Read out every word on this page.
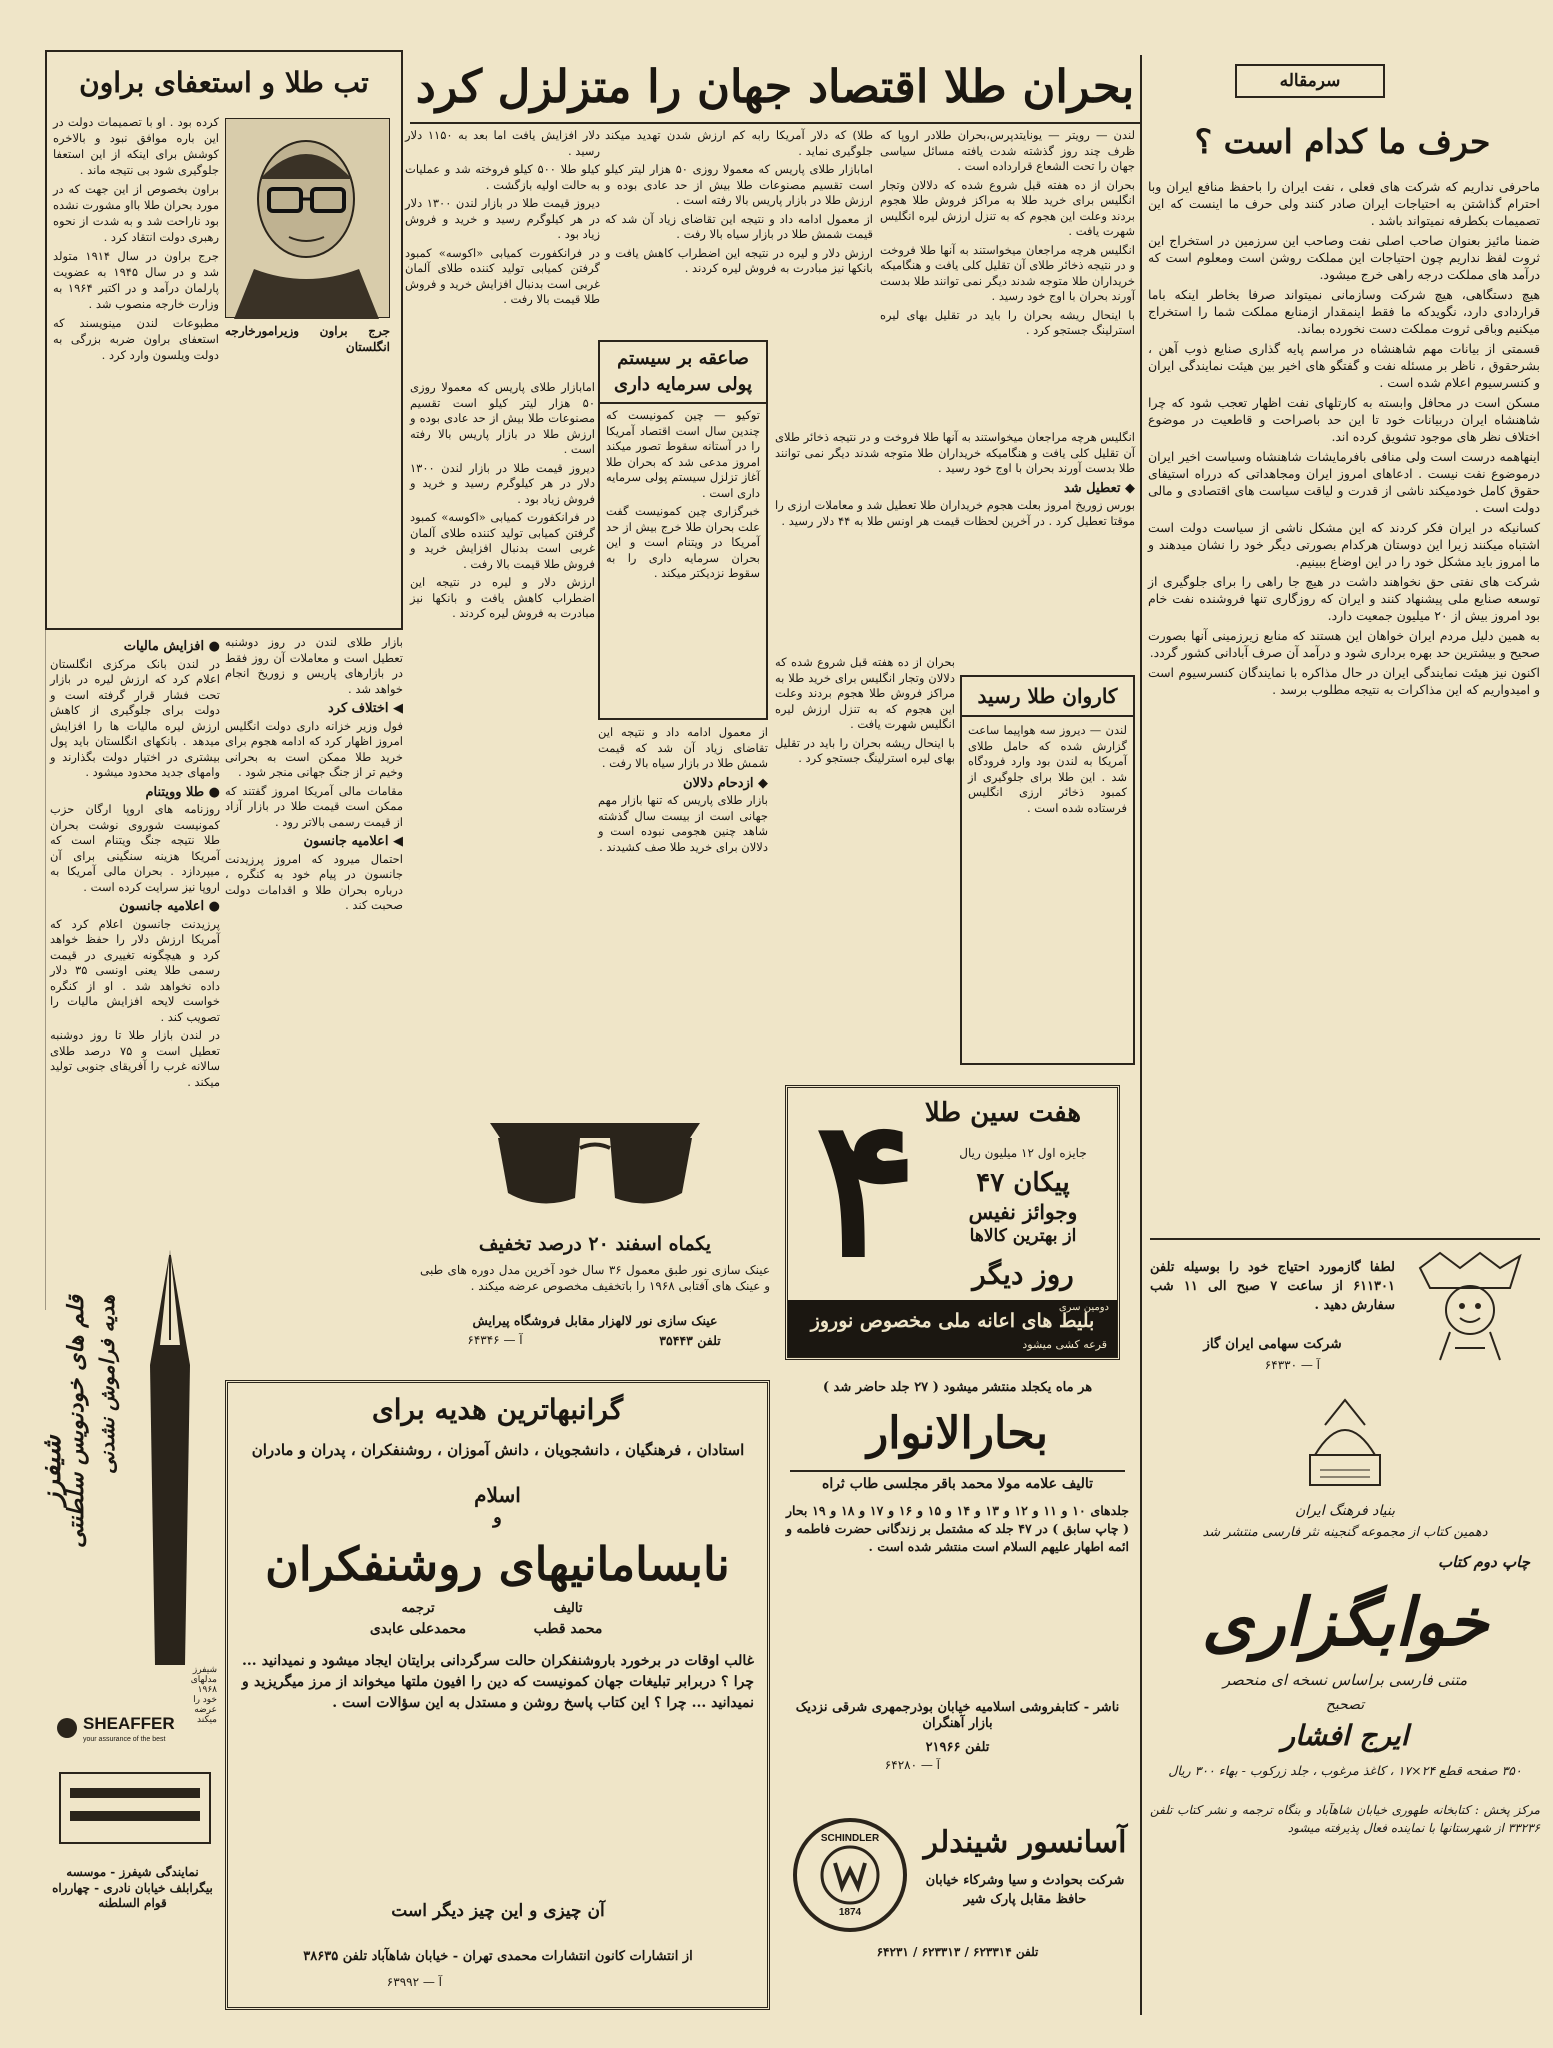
سرمقاله
حرف ما کدام است ؟

ماحرفی نداریم که شرکت های فعلی ، نفت ایران را باحفظ منافع ایران وبا احترام گذاشتن به احتیاجات ایران صادر کنند ولی حرف ما اینست که این تصمیمات بکطرفه نمیتواند باشد .

ضمنا مائیز بعنوان صاحب اصلی نفت وصاحب این سرزمین در استخراج این ثروت لفظ نداریم چون احتیاجات این مملکت روشن است ومعلوم است که درآمد های مملکت درجه راهی خرج میشود.

هیچ دستگاهی، هیچ شرکت وسازمانی نمیتواند صرفا بخاطر اینکه باما قراردادی دارد، نگویدکه ما فقط اینمقدار ازمنابع مملکت شما را استخراج میکنیم وباقی ثروت مملکت دست نخورده بماند.

قسمتی از بیانات مهم شاهنشاه در مراسم پایه گذاری صنایع ذوب آهن ، بشرحقوق ، ناظر بر مسئله نفت و گفتگو های اخیر بین هیئت نمایندگی ایران و کنسرسیوم اعلام شده است .

مسکن است در محافل وابسته به کارتلهای نفت اظهار تعجب شود که چرا شاهنشاه ایران دربیانات خود تا این حد باصراحت و قاطعیت در موضوع اختلاف نظر های موجود تشویق کرده اند.

اینهاهمه درست است ولی منافی بافرمایشات شاهنشاه وسیاست اخیر ایران درموضوع نفت نیست . ادعاهای امروز ایران ومجاهداتی که درراه استیفای حقوق کامل خودمیکند ناشی از قدرت و لیاقت سیاست های اقتصادی و مالی دولت است .

کسانیکه در ایران فکر کردند که این مشکل ناشی از سیاست دولت است اشتباه میکنند زیرا این دوستان هرکدام بصورتی دیگر خود را نشان میدهند و ما امروز باید مشکل خود را در این اوضاع ببینیم.

شرکت های نفتی حق نخواهند داشت در هیچ جا راهی را برای جلوگیری از توسعه صنایع ملی پیشنهاد کنند و ایران که روزگاری تنها فروشنده نفت خام بود امروز بیش از ۲۰ میلیون جمعیت دارد.

به همین دلیل مردم ایران خواهان این هستند که منابع زیرزمینی آنها بصورت صحیح و بیشترین حد بهره برداری شود و درآمد آن صرف آبادانی کشور گردد.

اکنون نیز هیئت نمایندگی ایران در حال مذاکره با نمایندگان کنسرسیوم است و امیدواریم که این مذاکرات به نتیجه مطلوب برسد .

لطفا گازمورد احتیاج خود را بوسیله تلفن ۶۱۱۳۰۱ از ساعت ۷ صبح الی ۱۱ شب سفارش دهید .
شرکت سهامی ایران گاز
آ — ۶۴۳۳۰
بنیاد فرهنگ ایران
دهمین کتاب از مجموعه گنجینه نثر فارسی منتشر شد
چاپ دوم کتاب
خوابگزاری
متنی فارسی براساس نسخه ای منحصر
تصحیح
ایرج افشار
۳۵۰ صفحه قطع ۲۴×۱۷ ، کاغذ مرغوب ، جلد زرکوب - بهاء ۳۰۰ ریال
مرکز پخش : کتابخانه طهوری خیابان شاهآباد و بنگاه ترجمه و نشر کتاب تلفن ۳۳۲۳۶ از شهرستانها با نماینده فعال پذیرفته میشود
بحران طلا اقتصاد جهان را متزلزل کرد

لندن — رویتر — یونایتدپرس،بحران طلادر اروپا که ظرف چند روز گذشته شدت یافته مسائل سیاسی جهان را تحت الشعاع قرارداده است .

بحران از ده هفته قبل شروع شده که دلالان وتجار انگلیس برای خرید طلا به مراکز فروش طلا هجوم بردند وعلت این هجوم که به تنزل ارزش لیره انگلیس شهرت یافت .

انگلیس هرچه مراجعان میخواستند به آنها طلا فروخت و در نتیجه ذخائر طلای آن تقلیل کلی یافت و هنگامیکه خریداران طلا متوجه شدند دیگر نمی توانند طلا بدست آورند بحران با اوج خود رسید .

با اینحال ریشه بحران را باید در تقلیل بهای لیره استرلینگ جستجو کرد .

طلا) که دلار آمریکا رابه کم ارزش شدن تهدید میکند جلوگیری نماید .

امابازار طلای پاریس که معمولا روزی ۵۰ هزار لیتر کیلو است تقسیم مصنوعات طلا بیش از حد عادی بوده و ارزش طلا در بازار پاریس بالا رفته است .

از معمول ادامه داد و نتیجه این تقاضای زیاد آن شد که قیمت شمش طلا در بازار سیاه بالا رفت .

ارزش دلار و لیره در نتیجه این اضطراب کاهش یافت و بانکها نیز مبادرت به فروش لیره کردند .

دلار افزایش یافت اما بعد به ۱۱۵۰ دلار رسید .

کیلو طلا ۵۰۰ کیلو فروخته شد و عملیات به حالت اولیه بازگشت .

دیروز قیمت طلا در بازار لندن ۱۳۰۰ دلار در هر کیلوگرم رسید و خرید و فروش زیاد بود .

در فرانکفورت کمیابی «اکوسه» کمبود گرفتن کمیابی تولید کننده طلای آلمان غربی است بدنبال افزایش خرید و فروش طلا قیمت بالا رفت .

تب طلا و استعفای براون

کرده بود . او با تصمیمات دولت در این باره موافق نبود و بالاخره کوشش برای اینکه از این استعفا جلوگیری شود بی نتیجه ماند .

براون بخصوص از این جهت که در مورد بحران طلا بااو مشورت نشده بود ناراحت شد و به شدت از نحوه رهبری دولت انتقاد کرد .

جرج براون در سال ۱۹۱۴ متولد شد و در سال ۱۹۴۵ به عضویت پارلمان درآمد و در اکتبر ۱۹۶۴ به وزارت خارجه منصوب شد .

مطبوعات لندن مینویسند که استعفای براون ضربه بزرگی به دولت ویلسون وارد کرد .

جرج براون وزیرامورخارجه انگلستان
● افزایش مالیات

در لندن بانک مرکزی انگلستان اعلام کرد که ارزش لیره در بازار تحت فشار قرار گرفته است و دولت برای جلوگیری از کاهش ارزش لیره مالیات ها را افزایش میدهد . بانکهای انگلستان باید پول بیشتری در اختیار دولت بگذارند و وامهای جدید محدود میشود .

● طلا وویتنام

روزنامه های اروپا ارگان حزب کمونیست شوروی نوشت بحران طلا نتیجه جنگ ویتنام است که آمریکا هزینه سنگینی برای آن میپردازد . بحران مالی آمریکا به اروپا نیز سرایت کرده است .

● اعلامیه جانسون

پرزیدنت جانسون اعلام کرد که آمریکا ارزش دلار را حفظ خواهد کرد و هیچگونه تغییری در قیمت رسمی طلا یعنی اونسی ۳۵ دلار داده نخواهد شد . او از کنگره خواست لایحه افزایش مالیات را تصویب کند .

در لندن بازار طلا تا روز دوشنبه تعطیل است و ۷۵ درصد طلای سالانه غرب را آفریقای جنوبی تولید میکند .

بازار طلای لندن در روز دوشنبه تعطیل است و معاملات آن روز فقط در بازارهای پاریس و زوریخ انجام خواهد شد .

◀ اختلاف کرد

فول وزیر خزانه داری دولت انگلیس امروز اظهار کرد که ادامه هجوم برای خرید طلا ممکن است به بحرانی وخیم تر از جنگ جهانی منجر شود .

مقامات مالی آمریکا امروز گفتند که ممکن است قیمت طلا در بازار آزاد از قیمت رسمی بالاتر رود .

◀ اعلامیه جانسون

احتمال میرود که امروز پرزیدنت جانسون در پیام خود به کنگره ، درباره بحران طلا و اقدامات دولت صحبت کند .

هدیه فراموش نشدنی
قلم های خودنویس سلطنتی
شیفرز
شیفرز مدلهای ۱۹۶۸ خود را عرضه میکند
SHEAFFER
your assurance of the best
نمایندگی شیفرز - موسسه بیگرابلف خیابان نادری - چهارراه قوام السلطنه
صاعقه بر سیستم پولی سرمایه داری

توکیو — چین کمونیست که چندین سال است اقتصاد آمریکا را در آستانه سقوط تصور میکند امروز مدعی شد که بحران طلا آغاز تزلزل سیستم پولی سرمایه داری است .

خبرگزاری چین کمونیست گفت علت بحران طلا خرج بیش از حد آمریکا در ویتنام است و این بحران سرمایه داری را به سقوط نزدیکتر میکند .

انگلیس هرچه مراجعان میخواستند به آنها طلا فروخت و در نتیجه ذخائر طلای آن تقلیل کلی یافت و هنگامیکه خریداران طلا متوجه شدند دیگر نمی توانند طلا بدست آورند بحران با اوج خود رسید .

◆ تعطیل شد

بورس زوریخ امروز بعلت هجوم خریداران طلا تعطیل شد و معاملات ارزی را موقتا تعطیل کرد . در آخرین لحظات قیمت هر اونس طلا به ۴۴ دلار رسید .

امابازار طلای پاریس که معمولا روزی ۵۰ هزار لیتر کیلو است تقسیم مصنوعات طلا بیش از حد عادی بوده و ارزش طلا در بازار پاریس بالا رفته است .

دیروز قیمت طلا در بازار لندن ۱۳۰۰ دلار در هر کیلوگرم رسید و خرید و فروش زیاد بود .

در فرانکفورت کمیابی «اکوسه» کمبود گرفتن کمیابی تولید کننده طلای آلمان غربی است بدنبال افزایش خرید و فروش طلا قیمت بالا رفت .

ارزش دلار و لیره در نتیجه این اضطراب کاهش یافت و بانکها نیز مبادرت به فروش لیره کردند .

از معمول ادامه داد و نتیجه این تقاضای زیاد آن شد که قیمت شمش طلا در بازار سیاه بالا رفت .

◆ ازدحام دلالان

بازار طلای پاریس که تنها بازار مهم جهانی است از بیست سال گذشته شاهد چنین هجومی نبوده است و دلالان برای خرید طلا صف کشیدند .

بحران از ده هفته قبل شروع شده که دلالان وتجار انگلیس برای خرید طلا به مراکز فروش طلا هجوم بردند وعلت این هجوم که به تنزل ارزش لیره انگلیس شهرت یافت .

با اینحال ریشه بحران را باید در تقلیل بهای لیره استرلینگ جستجو کرد .

کاروان طلا رسید
لندن — دیروز سه هواپیما ساعت گزارش شده که حامل طلای آمریکا به لندن بود وارد فرودگاه شد . این طلا برای جلوگیری از کمبود ذخائر ارزی انگلیس فرستاده شده است .
یکماه اسفند ۲۰ درصد تخفیف
عینک سازی نور طبق معمول ۳۶ سال خود آخرین مدل دوره های طبی و عینک های آفتابی ۱۹۶۸ را باتخفیف مخصوص عرضه میکند .
عینک سازی نور لالهزار مقابل فروشگاه پیرایش
تلفن ۳۵۴۴۳
آ — ۶۴۳۴۶
هفت سین طلا
۴	جایزه اول ۱۲ میلیون ریال
پیکان ۴۷
وجوائز نفیس
از بهترین کالاها
روز دیگر
دومین سری
بلیط های اعانه ملی مخصوص نوروز
قرعه کشی میشود
گرانبهاترین هدیه برای
استادان ، فرهنگیان ، دانشجویان ، دانش آموزان ، روشنفکران ، پدران و مادران
اسلام
و
نابسامانیهای روشنفکران
تالیف
محمد قطب
ترجمه
محمدعلی عابدی
غالب اوقات در برخورد باروشنفکران حالت سرگردانی برایتان ایجاد میشود و نمیدانید ... چرا ؟ دربرابر تبلیغات جهان کمونیست که دین را افیون ملتها میخواند از مرز میگریزید و نمیدانید ... چرا ؟ این کتاب پاسخ روشن و مستدل به این سؤالات است .
آن چیزی و این چیز دیگر است
از انتشارات کانون انتشارات محمدی تهران - خیابان شاهآباد تلفن ۳۸۶۳۵
آ — ۶۳۹۹۲
هر ماه یکجلد منتشر میشود ( ۲۷ جلد حاضر شد )
بحارالانوار
تالیف علامه مولا محمد باقر مجلسی طاب ثراه
جلدهای ۱۰ و ۱۱ و ۱۲ و ۱۳ و ۱۴ و ۱۵ و ۱۶ و ۱۷ و ۱۸ و ۱۹ بحار ( چاپ سابق ) در ۴۷ جلد که مشتمل بر زندگانی حضرت فاطمه و ائمه اطهار علیهم السلام است منتشر شده است .
ناشر - کتابفروشی اسلامیه خیابان بوذرجمهری شرقی نزدیک بازار آهنگران
تلفن ۲۱۹۶۶
آ — ۶۴۲۸۰
SCHINDLER
1874
آسانسور شیندلر
شرکت بحوادث و سیا وشرکاء خیابان حافظ مقابل پارک شیر
تلفن ۶۲۳۳۱۴ / ۶۲۳۳۱۳ / ۶۴۲۳۱
